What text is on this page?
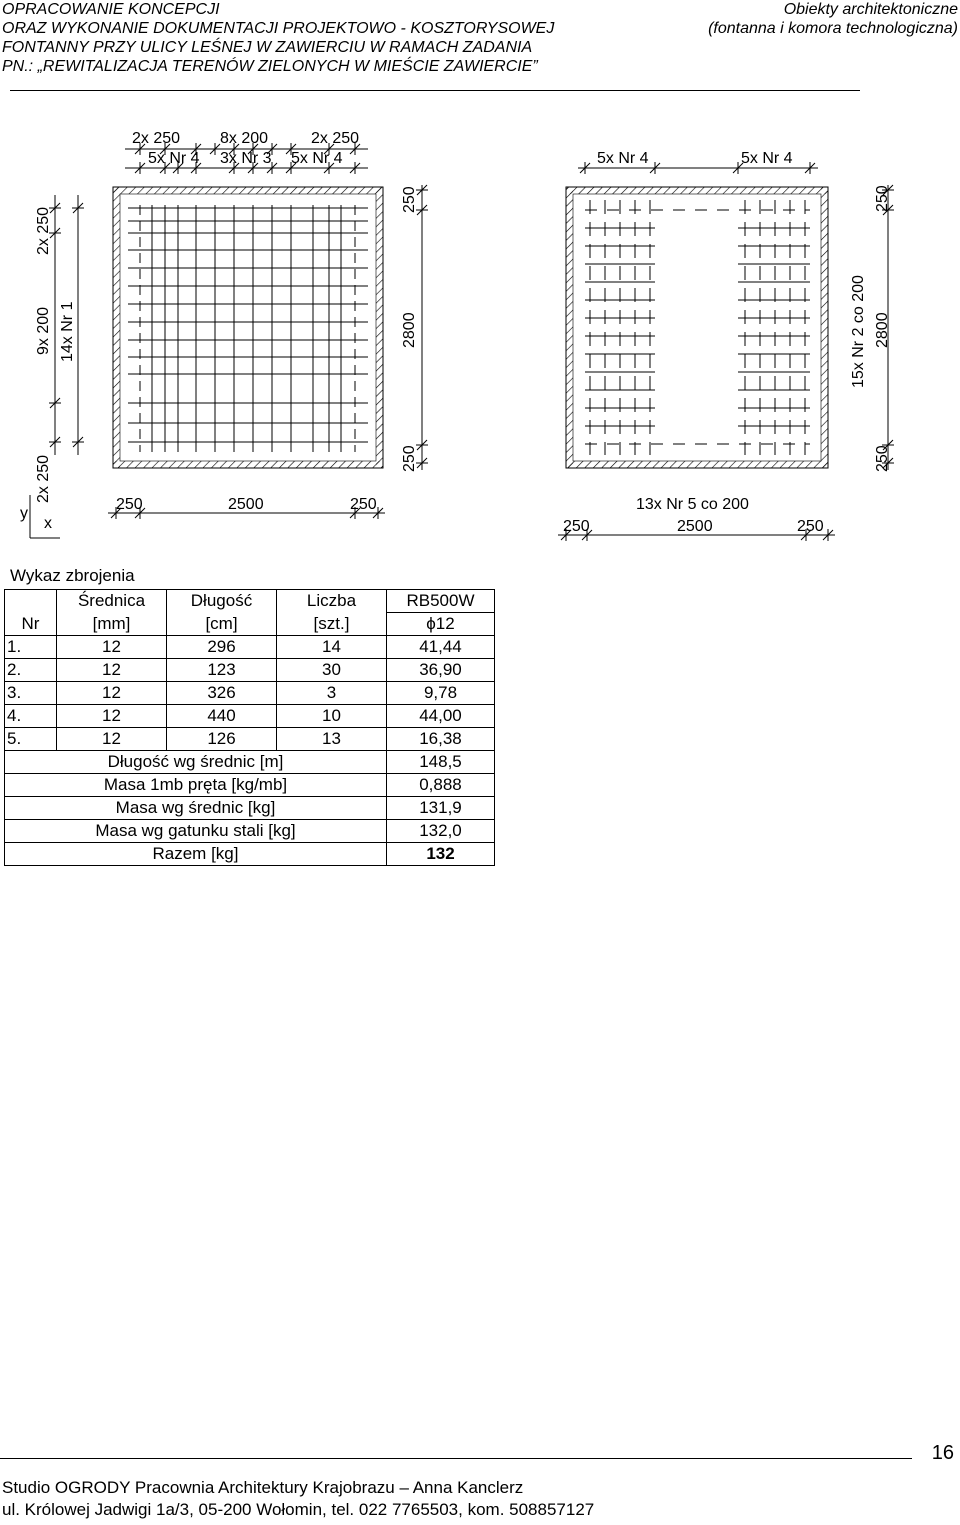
OPRACOWANIE KONCEPCJI
ORAZ WYKONANIE DOKUMENTACJI PROJEKTOWO - KOSZTORYSOWEJ
FONTANNY PRZY ULICY LEŚNEJ W ZAWIERCIU W RAMACH ZADANIA
PN.: „REWITALIZACJA TERENÓW ZIELONYCH W MIEŚCIE ZAWIERCIE”
Obiekty architektoniczne
(fontanna i komora technologiczna)
2x 250 8x 200	2x 250
5x Nr 4 3x Nr 3 5x Nr 4
2x 250
9x 200
2x 250
14x Nr 1
250
2800
250
250	2500	250
y
x
5x Nr 4	5x Nr 4
15x Nr 2 co 200
250
2800
250
13x Nr 5 co 200
250	2500	250
Wykaz zbrojenia
	Średnica	Długość	Liczba	RB500W
Nr	[mm]	[cm]	[szt.]	ϕ12
1.	12	296	14	41,44
2.	12	123	30	36,90
3.	12	326	3	9,78
4.	12	440	10	44,00
5.	12	126	13	16,38
Długość wg średnic [m]				148,5
Masa 1mb pręta [kg/mb]				0,888
Masa wg średnic [kg]				131,9
Masa wg gatunku stali [kg]				132,0
Razem [kg]				132
16
Studio OGRODY Pracownia Architektury Krajobrazu – Anna Kanclerz
ul. Królowej Jadwigi 1a/3, 05-200 Wołomin, tel. 022 7765503, kom. 508857127
